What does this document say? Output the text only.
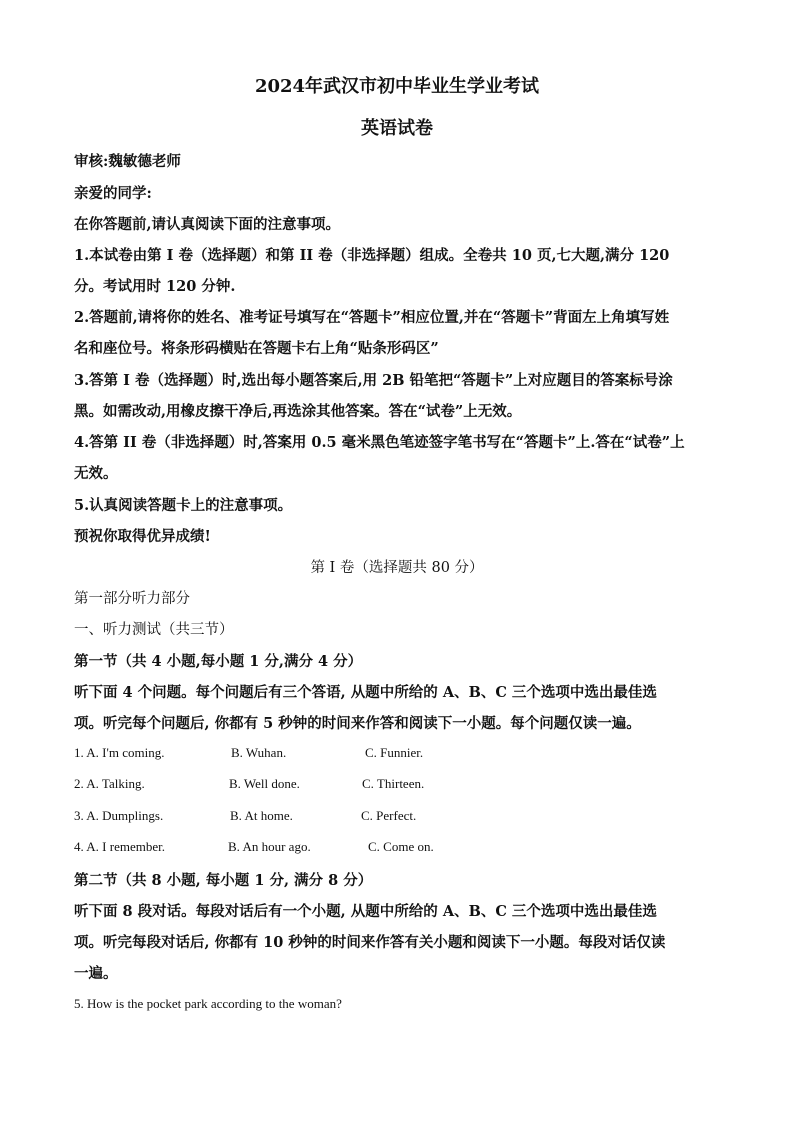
2024年武汉市初中毕业生学业考试
英语试卷
审核:魏敏德老师
亲爱的同学:
在你答题前,请认真阅读下面的注意事项。
1.本试卷由第 I 卷（选择题）和第 II 卷（非选择题）组成。全卷共 10 页,七大题,满分 120
分。考试用时 120 分钟.
2.答题前,请将你的姓名、准考证号填写在“答题卡”相应位置,并在“答题卡”背面左上角填写姓
名和座位号。将条形码横贴在答题卡右上角“贴条形码区”
3.答第 I 卷（选择题）时,选出每小题答案后,用 2B 铅笔把“答题卡”上对应题目的答案标号涂
黑。如需改动,用橡皮擦干净后,再选涂其他答案。答在“试卷”上无效。
4.答第 II 卷（非选择题）时,答案用 0.5 毫米黑色笔迹签字笔书写在“答题卡”上.答在“试卷”上
无效。
5.认真阅读答题卡上的注意事项。
预祝你取得优异成绩!
第 I 卷（选择题共 80 分）
第一部分听力部分
一、听力测试（共三节）
第一节（共 4 小题,每小题 1 分,满分 4 分）
听下面 4 个问题。每个问题后有三个答语, 从题中所给的 A、B、C 三个选项中选出最佳选
项。听完每个问题后, 你都有 5 秒钟的时间来作答和阅读下一小题。每个问题仅读一遍。
1. A. I'm coming.	B. Wuhan.	C. Funnier.
2. A. Talking.	B. Well done.	C. Thirteen.
3. A. Dumplings.	B. At home.	C. Perfect.
4. A. I remember.	B. An hour ago.	C. Come on.
第二节（共 8 小题, 每小题 1 分, 满分 8 分）
听下面 8 段对话。每段对话后有一个小题, 从题中所给的 A、B、C 三个选项中选出最佳选
项。听完每段对话后, 你都有 10 秒钟的时间来作答有关小题和阅读下一小题。每段对话仅读
一遍。
5. How is the pocket park according to the woman?
